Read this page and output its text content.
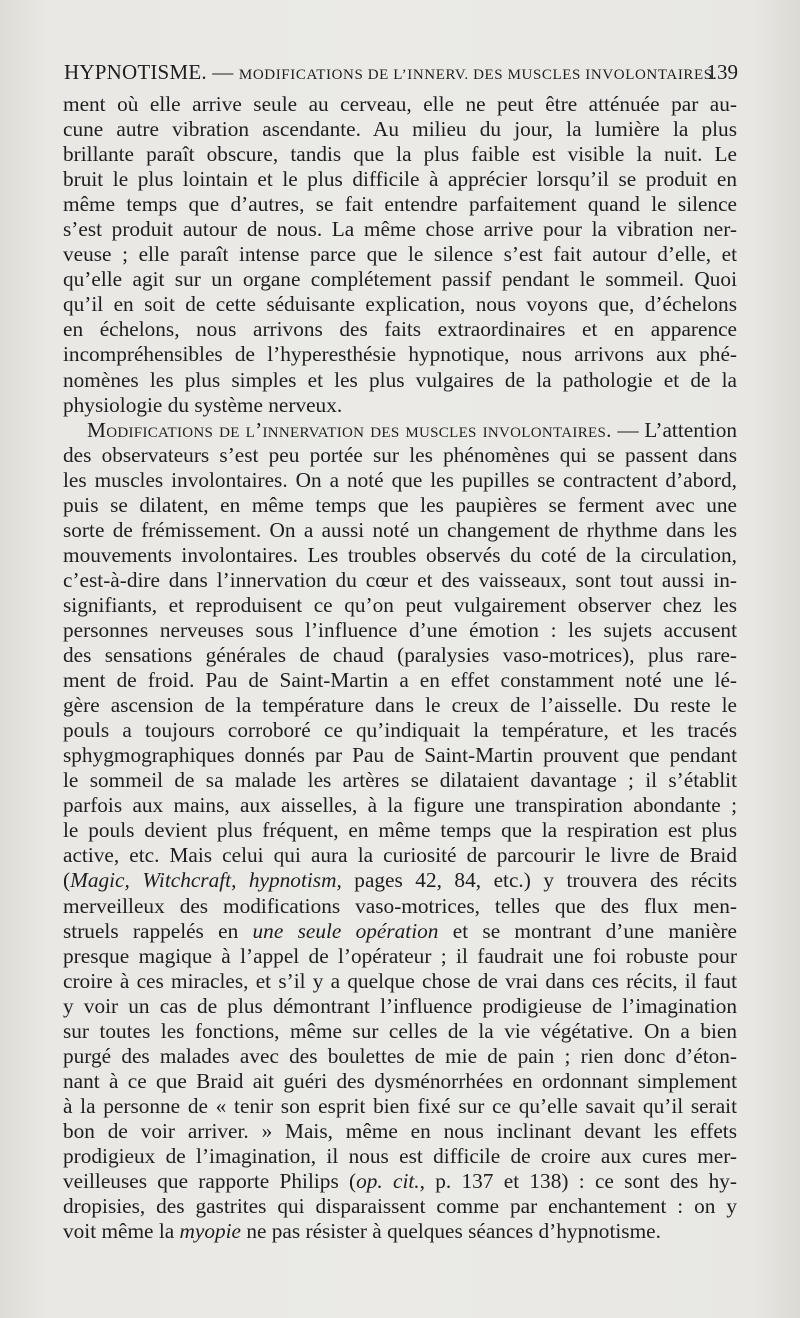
HYPNOTISME. — MODIFICATIONS DE L’INNERV. DES MUSCLES INVOLONTAIRES.
139
ment où elle arrive seule au cerveau, elle ne peut être atténuée par au-
cune autre vibration ascendante. Au milieu du jour, la lumière la plus
brillante paraît obscure, tandis que la plus faible est visible la nuit. Le
bruit le plus lointain et le plus difficile à apprécier lorsqu’il se produit en
même temps que d’autres, se fait entendre parfaitement quand le silence
s’est produit autour de nous. La même chose arrive pour la vibration ner-
veuse ; elle paraît intense parce que le silence s’est fait autour d’elle, et
qu’elle agit sur un organe complétement passif pendant le sommeil. Quoi
qu’il en soit de cette séduisante explication, nous voyons que, d’échelons
en échelons, nous arrivons des faits extraordinaires et en apparence
incompréhensibles de l’hyperesthésie hypnotique, nous arrivons aux phé-
nomènes les plus simples et les plus vulgaires de la pathologie et de la
physiologie du système nerveux.
Modifications de l’innervation des muscles involontaires. — L’attention
des observateurs s’est peu portée sur les phénomènes qui se passent dans
les muscles involontaires. On a noté que les pupilles se contractent d’abord,
puis se dilatent, en même temps que les paupières se ferment avec une
sorte de frémissement. On a aussi noté un changement de rhythme dans les
mouvements involontaires. Les troubles observés du coté de la circulation,
c’est-à-dire dans l’innervation du cœur et des vaisseaux, sont tout aussi in-
signifiants, et reproduisent ce qu’on peut vulgairement observer chez les
personnes nerveuses sous l’influence d’une émotion : les sujets accusent
des sensations générales de chaud (paralysies vaso-motrices), plus rare-
ment de froid. Pau de Saint-Martin a en effet constamment noté une lé-
gère ascension de la température dans le creux de l’aisselle. Du reste le
pouls a toujours corroboré ce qu’indiquait la température, et les tracés
sphygmographiques donnés par Pau de Saint-Martin prouvent que pendant
le sommeil de sa malade les artères se dilataient davantage ; il s’établit
parfois aux mains, aux aisselles, à la figure une transpiration abondante ;
le pouls devient plus fréquent, en même temps que la respiration est plus
active, etc. Mais celui qui aura la curiosité de parcourir le livre de Braid
(Magic, Witchcraft, hypnotism, pages 42, 84, etc.) y trouvera des récits
merveilleux des modifications vaso-motrices, telles que des flux men-
struels rappelés en une seule opération et se montrant d’une manière
presque magique à l’appel de l’opérateur ; il faudrait une foi robuste pour
croire à ces miracles, et s’il y a quelque chose de vrai dans ces récits, il faut
y voir un cas de plus démontrant l’influence prodigieuse de l’imagination
sur toutes les fonctions, même sur celles de la vie végétative. On a bien
purgé des malades avec des boulettes de mie de pain ; rien donc d’éton-
nant à ce que Braid ait guéri des dysménorrhées en ordonnant simplement
à la personne de « tenir son esprit bien fixé sur ce qu’elle savait qu’il serait
bon de voir arriver. » Mais, même en nous inclinant devant les effets
prodigieux de l’imagination, il nous est difficile de croire aux cures mer-
veilleuses que rapporte Philips (op. cit., p. 137 et 138) : ce sont des hy-
dropisies, des gastrites qui disparaissent comme par enchantement : on y
voit même la myopie ne pas résister à quelques séances d’hypnotisme.
